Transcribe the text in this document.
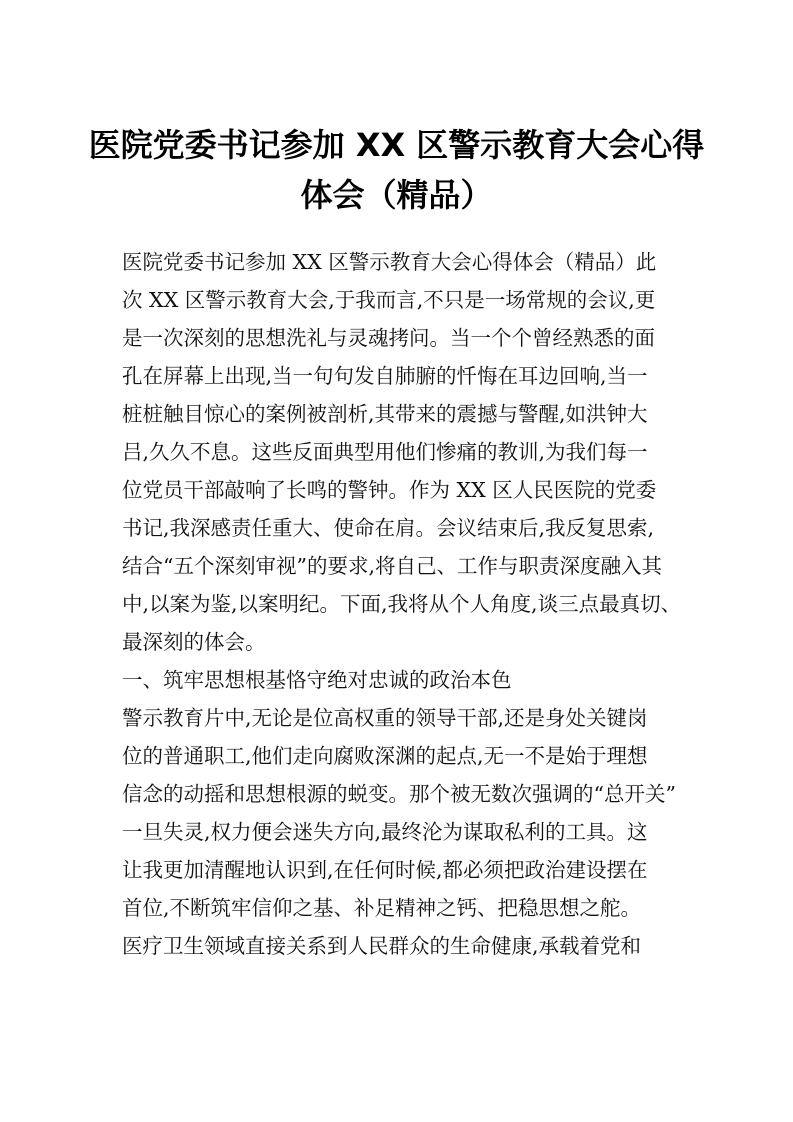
医院党委书记参加 XX 区警示教育大会心得
体会（精品）
医院党委书记参加 XX 区警示教育大会心得体会（精品）此
次 XX 区警示教育大会,于我而言,不只是一场常规的会议,更
是一次深刻的思想洗礼与灵魂拷问。当一个个曾经熟悉的面
孔在屏幕上出现,当一句句发自肺腑的忏悔在耳边回响,当一
桩桩触目惊心的案例被剖析,其带来的震撼与警醒,如洪钟大
吕,久久不息。这些反面典型用他们惨痛的教训,为我们每一
位党员干部敲响了长鸣的警钟。作为 XX 区人民医院的党委
书记,我深感责任重大、使命在肩。会议结束后,我反复思索,
结合“五个深刻审视”的要求,将自己、工作与职责深度融入其
中,以案为鉴,以案明纪。下面,我将从个人角度,谈三点最真切、
最深刻的体会。
一、筑牢思想根基恪守绝对忠诚的政治本色
警示教育片中,无论是位高权重的领导干部,还是身处关键岗
位的普通职工,他们走向腐败深渊的起点,无一不是始于理想
信念的动摇和思想根源的蜕变。那个被无数次强调的“总开关”
一旦失灵,权力便会迷失方向,最终沦为谋取私利的工具。这
让我更加清醒地认识到,在任何时候,都必须把政治建设摆在
首位,不断筑牢信仰之基、补足精神之钙、把稳思想之舵。
医疗卫生领域直接关系到人民群众的生命健康,承载着党和
